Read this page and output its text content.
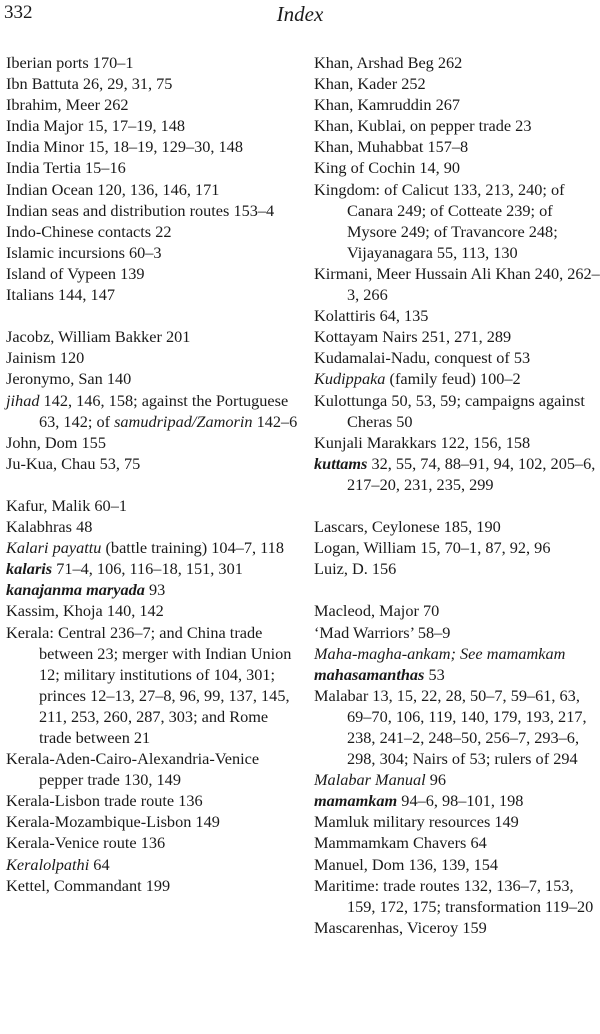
332	Index
Iberian ports 170–1
Ibn Battuta 26, 29, 31, 75
Ibrahim, Meer 262
India Major 15, 17–19, 148
India Minor 15, 18–19, 129–30, 148
India Tertia 15–16
Indian Ocean 120, 136, 146, 171
Indian seas and distribution routes 153–4
Indo-Chinese contacts 22
Islamic incursions 60–3
Island of Vypeen 139
Italians 144, 147
Jacobz, William Bakker 201
Jainism 120
Jeronymo, San 140
jihad 142, 146, 158; against the Portuguese 63, 142; of samudripad/Zamorin 142–6
John, Dom 155
Ju-Kua, Chau 53, 75
Kafur, Malik 60–1
Kalabhras 48
Kalari payattu (battle training) 104–7, 118
kalaris 71–4, 106, 116–18, 151, 301
kanajanma maryada 93
Kassim, Khoja 140, 142
Kerala: Central 236–7; and China trade between 23; merger with Indian Union 12; military institutions of 104, 301; princes 12–13, 27–8, 96, 99, 137, 145, 211, 253, 260, 287, 303; and Rome trade between 21
Kerala-Aden-Cairo-Alexandria-Venice pepper trade 130, 149
Kerala-Lisbon trade route 136
Kerala-Mozambique-Lisbon 149
Kerala-Venice route 136
Keralolpathi 64
Kettel, Commandant 199
Khan, Arshad Beg 262
Khan, Kader 252
Khan, Kamruddin 267
Khan, Kublai, on pepper trade 23
Khan, Muhabbat 157–8
King of Cochin 14, 90
Kingdom: of Calicut 133, 213, 240; of Canara 249; of Cotteate 239; of Mysore 249; of Travancore 248; Vijayanagara 55, 113, 130
Kirmani, Meer Hussain Ali Khan 240, 262–3, 266
Kolattiris 64, 135
Kottayam Nairs 251, 271, 289
Kudamalai-Nadu, conquest of 53
Kudippaka (family feud) 100–2
Kulottunga 50, 53, 59; campaigns against Cheras 50
Kunjali Marakkars 122, 156, 158
kuttams 32, 55, 74, 88–91, 94, 102, 205–6, 217–20, 231, 235, 299
Lascars, Ceylonese 185, 190
Logan, William 15, 70–1, 87, 92, 96
Luiz, D. 156
Macleod, Major 70
‘Mad Warriors’ 58–9
Maha-magha-ankam; See mamamkam
mahasamanthas 53
Malabar 13, 15, 22, 28, 50–7, 59–61, 63, 69–70, 106, 119, 140, 179, 193, 217, 238, 241–2, 248–50, 256–7, 293–6, 298, 304; Nairs of 53; rulers of 294
Malabar Manual 96
mamamkam 94–6, 98–101, 198
Mamluk military resources 149
Mammamkam Chavers 64
Manuel, Dom 136, 139, 154
Maritime: trade routes 132, 136–7, 153, 159, 172, 175; transformation 119–20
Mascarenhas, Viceroy 159
